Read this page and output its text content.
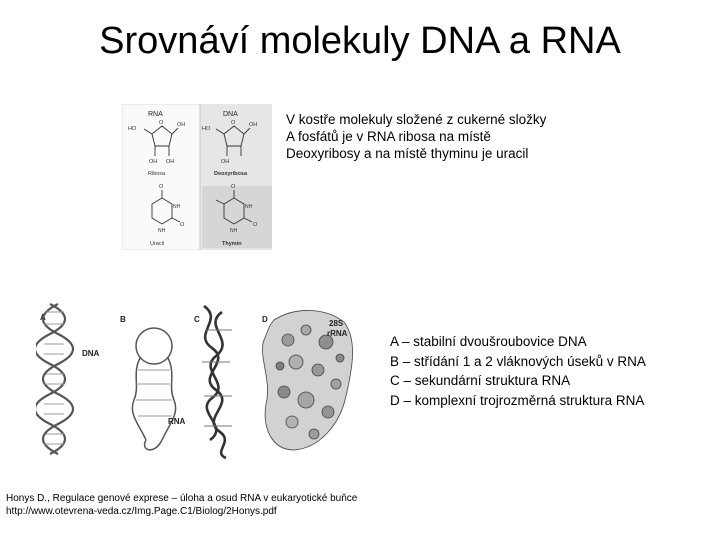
Srovnáví molekuly DNA a RNA
RNA	DNA
HO
O OH
OH OH
Ribosa
HO
O OH
OH
Deoxyribosa
O
NH
NH
O
Uracil
O
NH
NH
O
Thymin
V kostře molekuly složené z cukerné složky
A fosfátů je v RNA ribosa na místě
Deoxyribosy a na místě thyminu je uracil
A	B	C	D
DNA
RNA
28S
rRNA
A – stabilní dvoušroubovice DNA
B – střídání 1 a 2 vláknových úseků v RNA
C – sekundární struktura RNA
D – komplexní trojrozměrná struktura RNA
Honys D., Regulace genové exprese – úloha a osud RNA v eukaryotické buňce
http://www.otevrena-veda.cz/Img.Page.C1/Biolog/2Honys.pdf
